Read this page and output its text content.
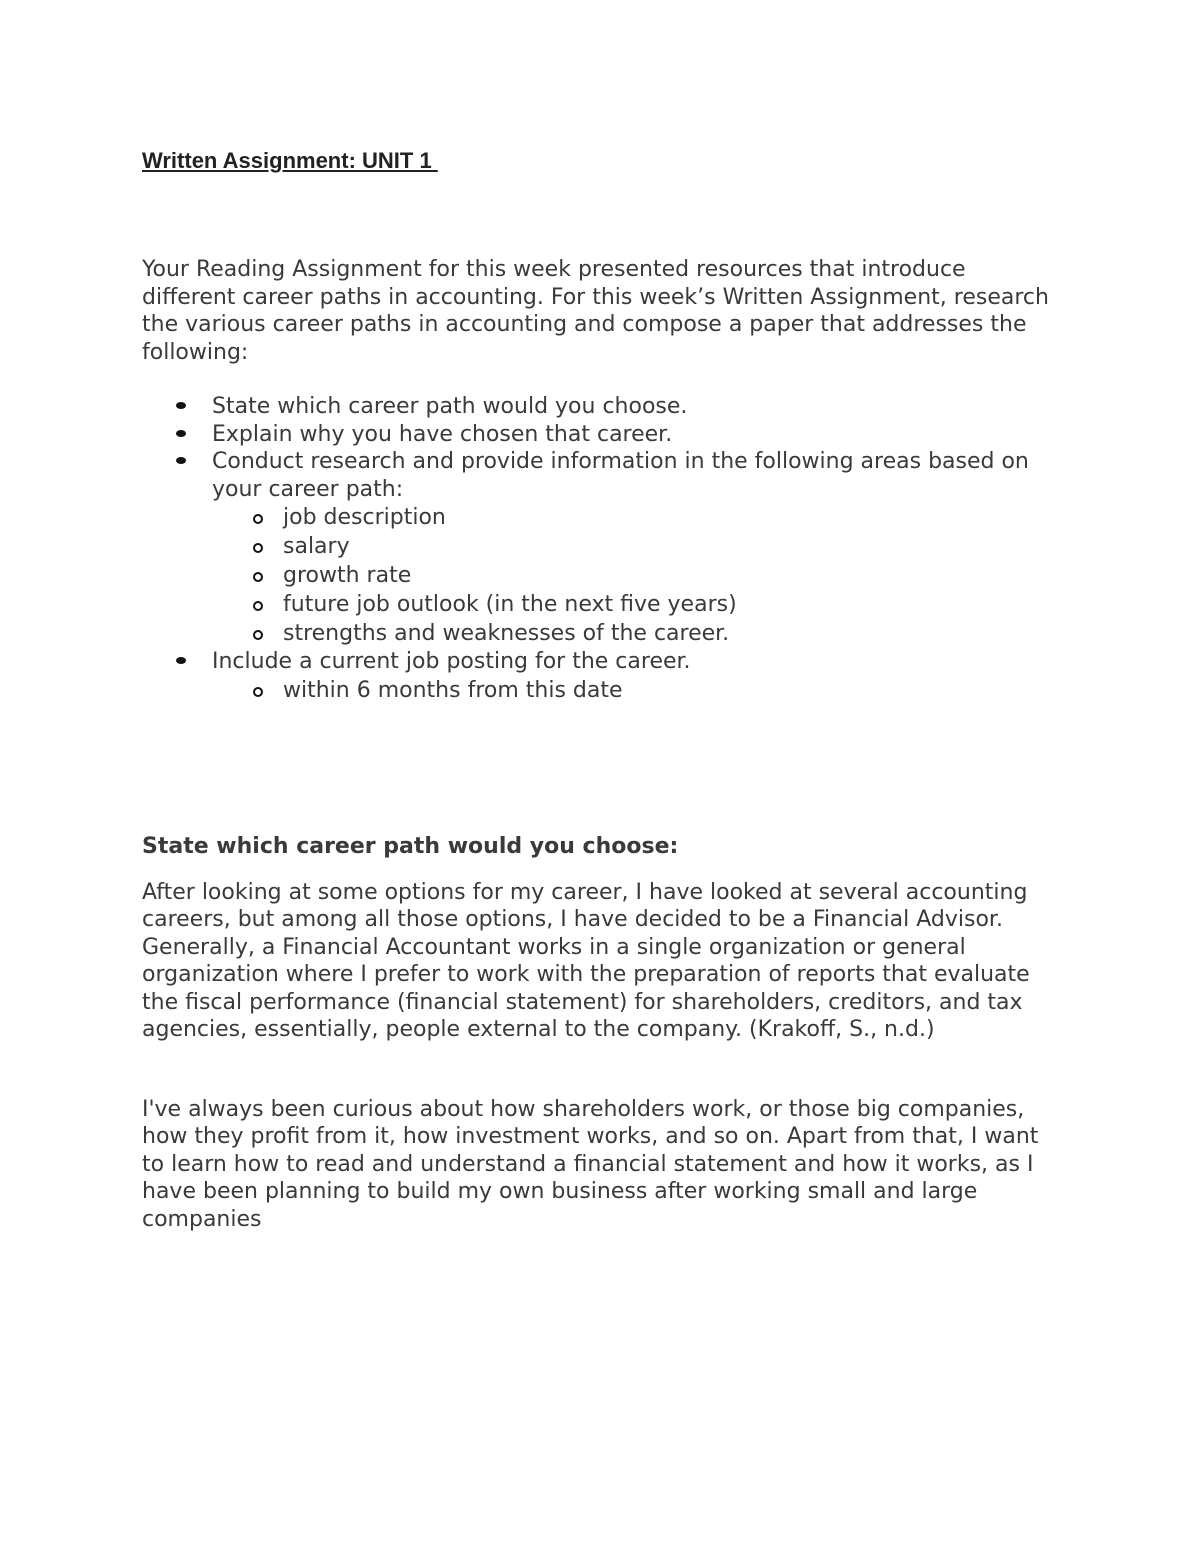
Written Assignment: UNIT 1

Your Reading Assignment for this week presented resources that introduce different career paths in accounting. For this week’s Written Assignment, research the various career paths in accounting and compose a paper that addresses the following:

State which career path would you choose.
Explain why you have chosen that career.
Conduct research and provide information in the following areas based on your career path:
job description
salary
growth rate
future job outlook (in the next five years)
strengths and weaknesses of the career.
Include a current job posting for the career.
within 6 months from this date

State which career path would you choose:

After looking at some options for my career, I have looked at several accounting careers, but among all those options, I have decided to be a Financial Advisor. Generally, a Financial Accountant works in a single organization or general organization where I prefer to work with the preparation of reports that evaluate the fiscal performance (financial statement) for shareholders, creditors, and tax agencies, essentially, people external to the company. (Krakoff, S., n.d.)

I've always been curious about how shareholders work, or those big companies, how they profit from it, how investment works, and so on. Apart from that, I want to learn how to read and understand a financial statement and how it works, as I have been planning to build my own business after working small and large companies
